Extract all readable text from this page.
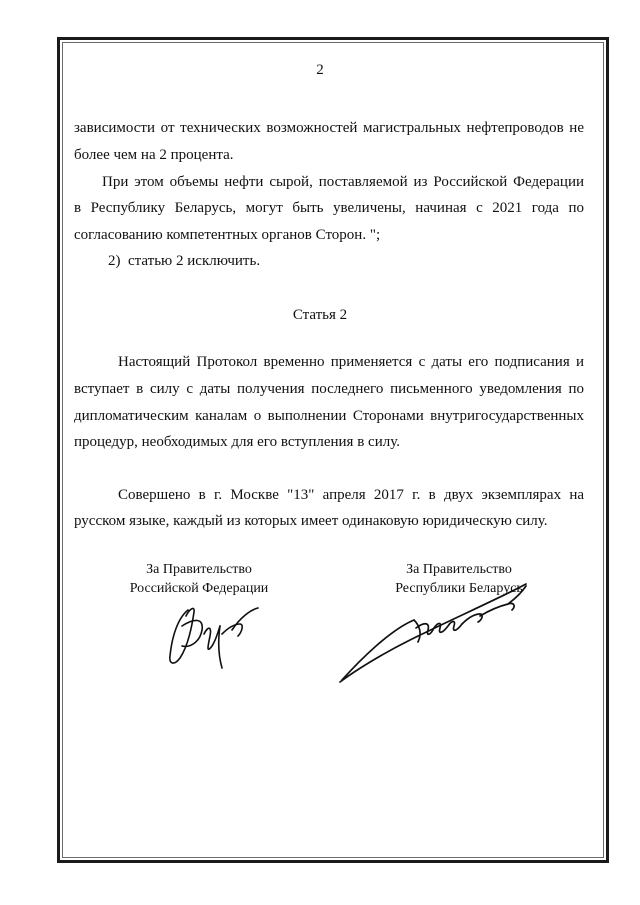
2
зависимости от технических возможностей магистральных нефтепроводов не
более чем на 2 процента.
При этом объемы нефти сырой, поставляемой из Российской Федерации
в Республику Беларусь, могут быть увеличены, начиная с 2021 года по
согласованию компетентных органов Сторон. ";
2)  статью 2 исключить.
Статья 2
Настоящий Протокол временно применяется с даты его подписания и
вступает в силу с даты получения последнего письменного уведомления по
дипломатическим каналам о выполнении Сторонами внутригосударственных
процедур, необходимых для его вступления в силу.
Совершено в г. Москве "13" апреля 2017 г. в двух экземплярах на
русском языке, каждый из которых имеет одинаковую юридическую силу.
За Правительство
Российской Федерации
За Правительство
Республики Беларусь
